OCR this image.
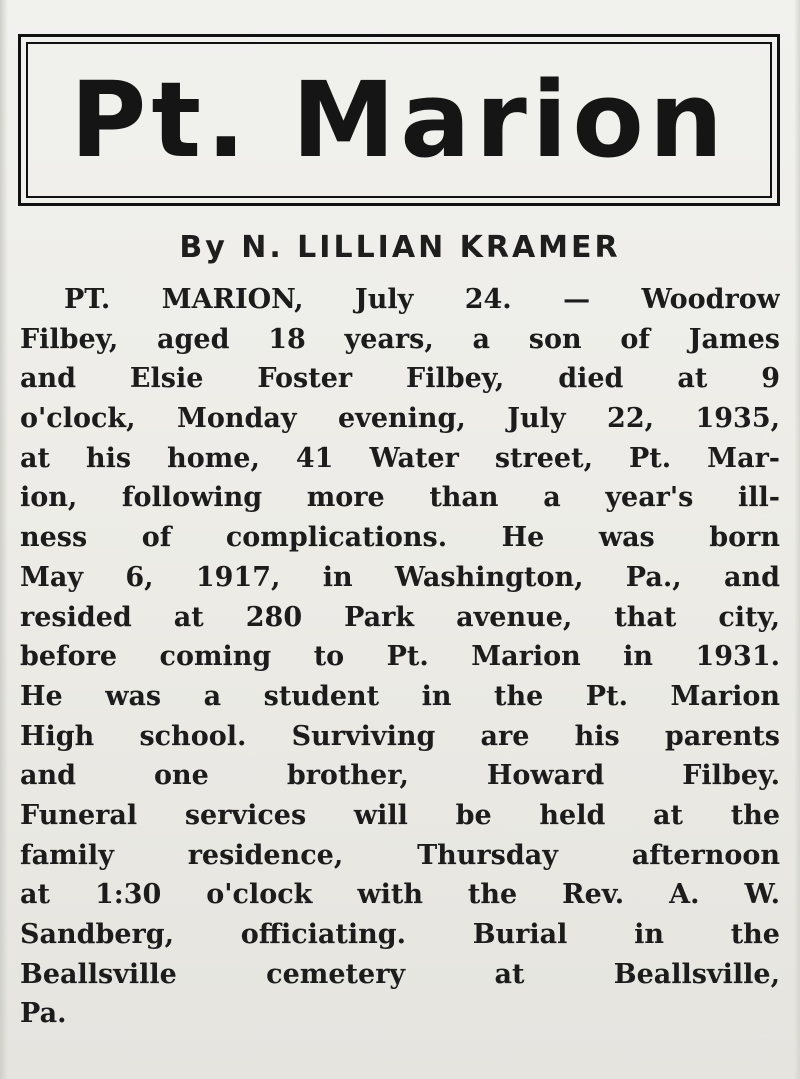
Pt. Marion
By N. LILLIAN KRAMER
PT. MARION, July 24. — Woodrow
Filbey, aged 18 years, a son of James
and Elsie Foster Filbey, died at 9
o'clock, Monday evening, July 22, 1935,
at his home, 41 Water street, Pt. Mar-
ion, following more than a year's ill-
ness of complications. He was born
May 6, 1917, in Washington, Pa., and
resided at 280 Park avenue, that city,
before coming to Pt. Marion in 1931.
He was a student in the Pt. Marion
High school. Surviving are his parents
and one brother, Howard Filbey.
Funeral services will be held at the
family residence, Thursday afternoon
at 1:30 o'clock with the Rev. A. W.
Sandberg, officiating. Burial in the
Beallsville cemetery at Beallsville,
Pa.
